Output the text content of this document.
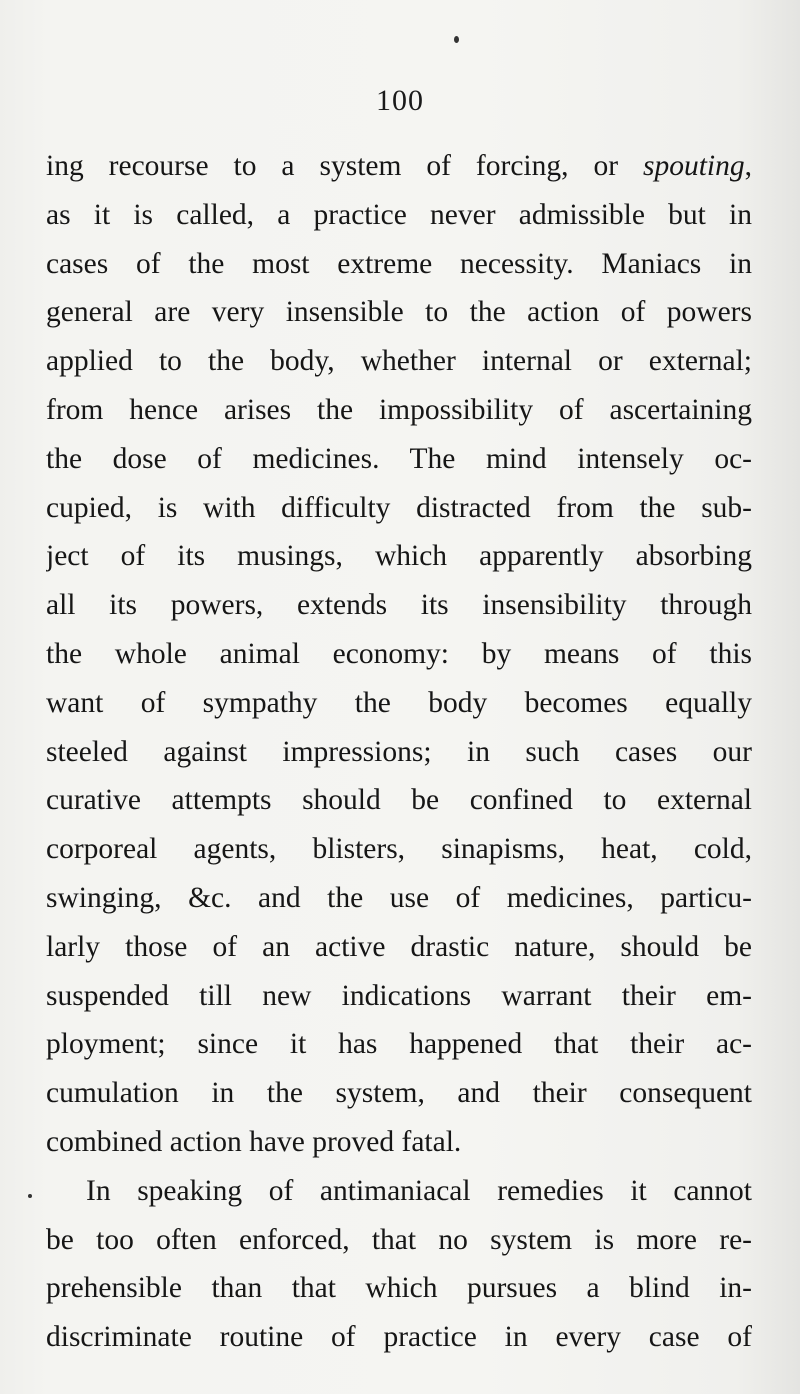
100
ing recourse to a system of forcing, or spouting,
as it is called, a practice never admissible but in
cases of the most extreme necessity. Maniacs in
general are very insensible to the action of powers
applied to the body, whether internal or external;
from hence arises the impossibility of ascertaining
the dose of medicines. The mind intensely oc-
cupied, is with difficulty distracted from the sub-
ject of its musings, which apparently absorbing
all its powers, extends its insensibility through
the whole animal economy: by means of this
want of sympathy the body becomes equally
steeled against impressions; in such cases our
curative attempts should be confined to external
corporeal agents, blisters, sinapisms, heat, cold,
swinging, &c. and the use of medicines, particu-
larly those of an active drastic nature, should be
suspended till new indications warrant their em-
ployment; since it has happened that their ac-
cumulation in the system, and their consequent
combined action have proved fatal.
In speaking of antimaniacal remedies it cannot
be too often enforced, that no system is more re-
prehensible than that which pursues a blind in-
discriminate routine of practice in every case of
